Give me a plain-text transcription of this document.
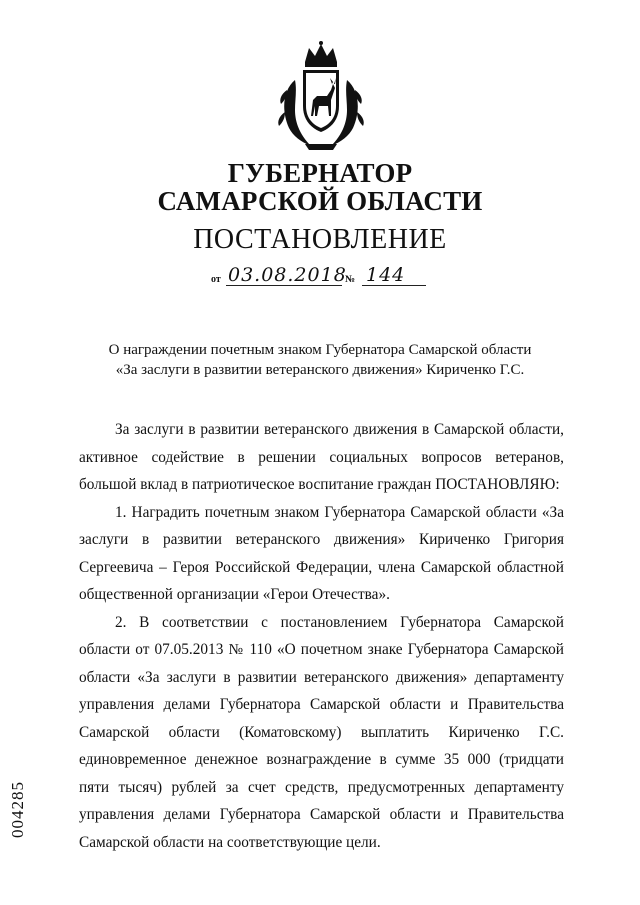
ГУБЕРНАТОР
САМАРСКОЙ ОБЛАСТИ
ПОСТАНОВЛЕНИЕ
от 03.08.2018
№ 144
О награждении почетным знаком Губернатора Самарской области
«За заслуги в развитии ветеранского движения» Кириченко Г.С.

За заслуги в развитии ветеранского движения в Самарской области, активное содействие в решении социальных вопросов ветеранов, большой вклад в патриотическое воспитание граждан ПОСТАНОВЛЯЮ:

1. Наградить почетным знаком Губернатора Самарской области «За заслуги в развитии ветеранского движения» Кириченко Григория Сергеевича – Героя Российской Федерации, члена Самарской областной общественной организации «Герои Отечества».

2. В соответствии с постановлением Губернатора Самарской области от 07.05.2013 № 110 «О почетном знаке Губернатора Самарской области «За заслуги в развитии ветеранского движения» департаменту управления делами Губернатора Самарской области и Правительства Самарской области (Коматовскому) выплатить Кириченко Г.С. единовременное денежное вознаграждение в сумме 35 000 (тридцати пяти тысяч) рублей за счет средств, предусмотренных департаменту управления делами Губернатора Самарской области и Правительства Самарской области на соответствующие цели.

004285
